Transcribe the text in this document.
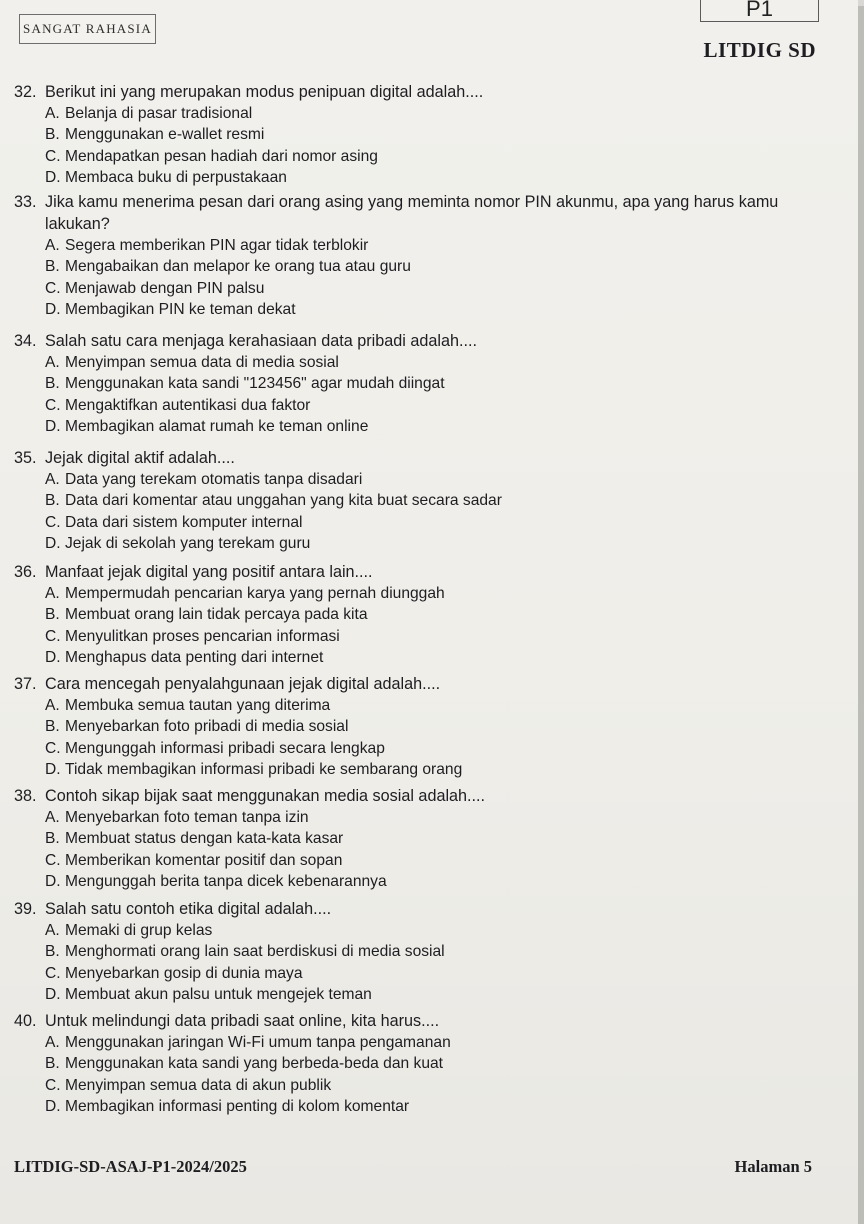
SANGAT RAHASIA
P1
LITDIG SD
32. Berikut ini yang merupakan modus penipuan digital adalah....
A. Belanja di pasar tradisional
B. Menggunakan e-wallet resmi
C. Mendapatkan pesan hadiah dari nomor asing
D. Membaca buku di perpustakaan
33. Jika kamu menerima pesan dari orang asing yang meminta nomor PIN akunmu, apa yang harus kamu lakukan?
A. Segera memberikan PIN agar tidak terblokir
B. Mengabaikan dan melapor ke orang tua atau guru
C. Menjawab dengan PIN palsu
D. Membagikan PIN ke teman dekat
34. Salah satu cara menjaga kerahasiaan data pribadi adalah....
A. Menyimpan semua data di media sosial
B. Menggunakan kata sandi "123456" agar mudah diingat
C. Mengaktifkan autentikasi dua faktor
D. Membagikan alamat rumah ke teman online
35. Jejak digital aktif adalah....
A. Data yang terekam otomatis tanpa disadari
B. Data dari komentar atau unggahan yang kita buat secara sadar
C. Data dari sistem komputer internal
D. Jejak di sekolah yang terekam guru
36. Manfaat jejak digital yang positif antara lain....
A. Mempermudah pencarian karya yang pernah diunggah
B. Membuat orang lain tidak percaya pada kita
C. Menyulitkan proses pencarian informasi
D. Menghapus data penting dari internet
37. Cara mencegah penyalahgunaan jejak digital adalah....
A. Membuka semua tautan yang diterima
B. Menyebarkan foto pribadi di media sosial
C. Mengunggah informasi pribadi secara lengkap
D. Tidak membagikan informasi pribadi ke sembarang orang
38. Contoh sikap bijak saat menggunakan media sosial adalah....
A. Menyebarkan foto teman tanpa izin
B. Membuat status dengan kata-kata kasar
C. Memberikan komentar positif dan sopan
D. Mengunggah berita tanpa dicek kebenarannya
39. Salah satu contoh etika digital adalah....
A. Memaki di grup kelas
B. Menghormati orang lain saat berdiskusi di media sosial
C. Menyebarkan gosip di dunia maya
D. Membuat akun palsu untuk mengejek teman
40. Untuk melindungi data pribadi saat online, kita harus....
A. Menggunakan jaringan Wi-Fi umum tanpa pengamanan
B. Menggunakan kata sandi yang berbeda-beda dan kuat
C. Menyimpan semua data di akun publik
D. Membagikan informasi penting di kolom komentar
LITDIG-SD-ASAJ-P1-2024/2025	Halaman 5
